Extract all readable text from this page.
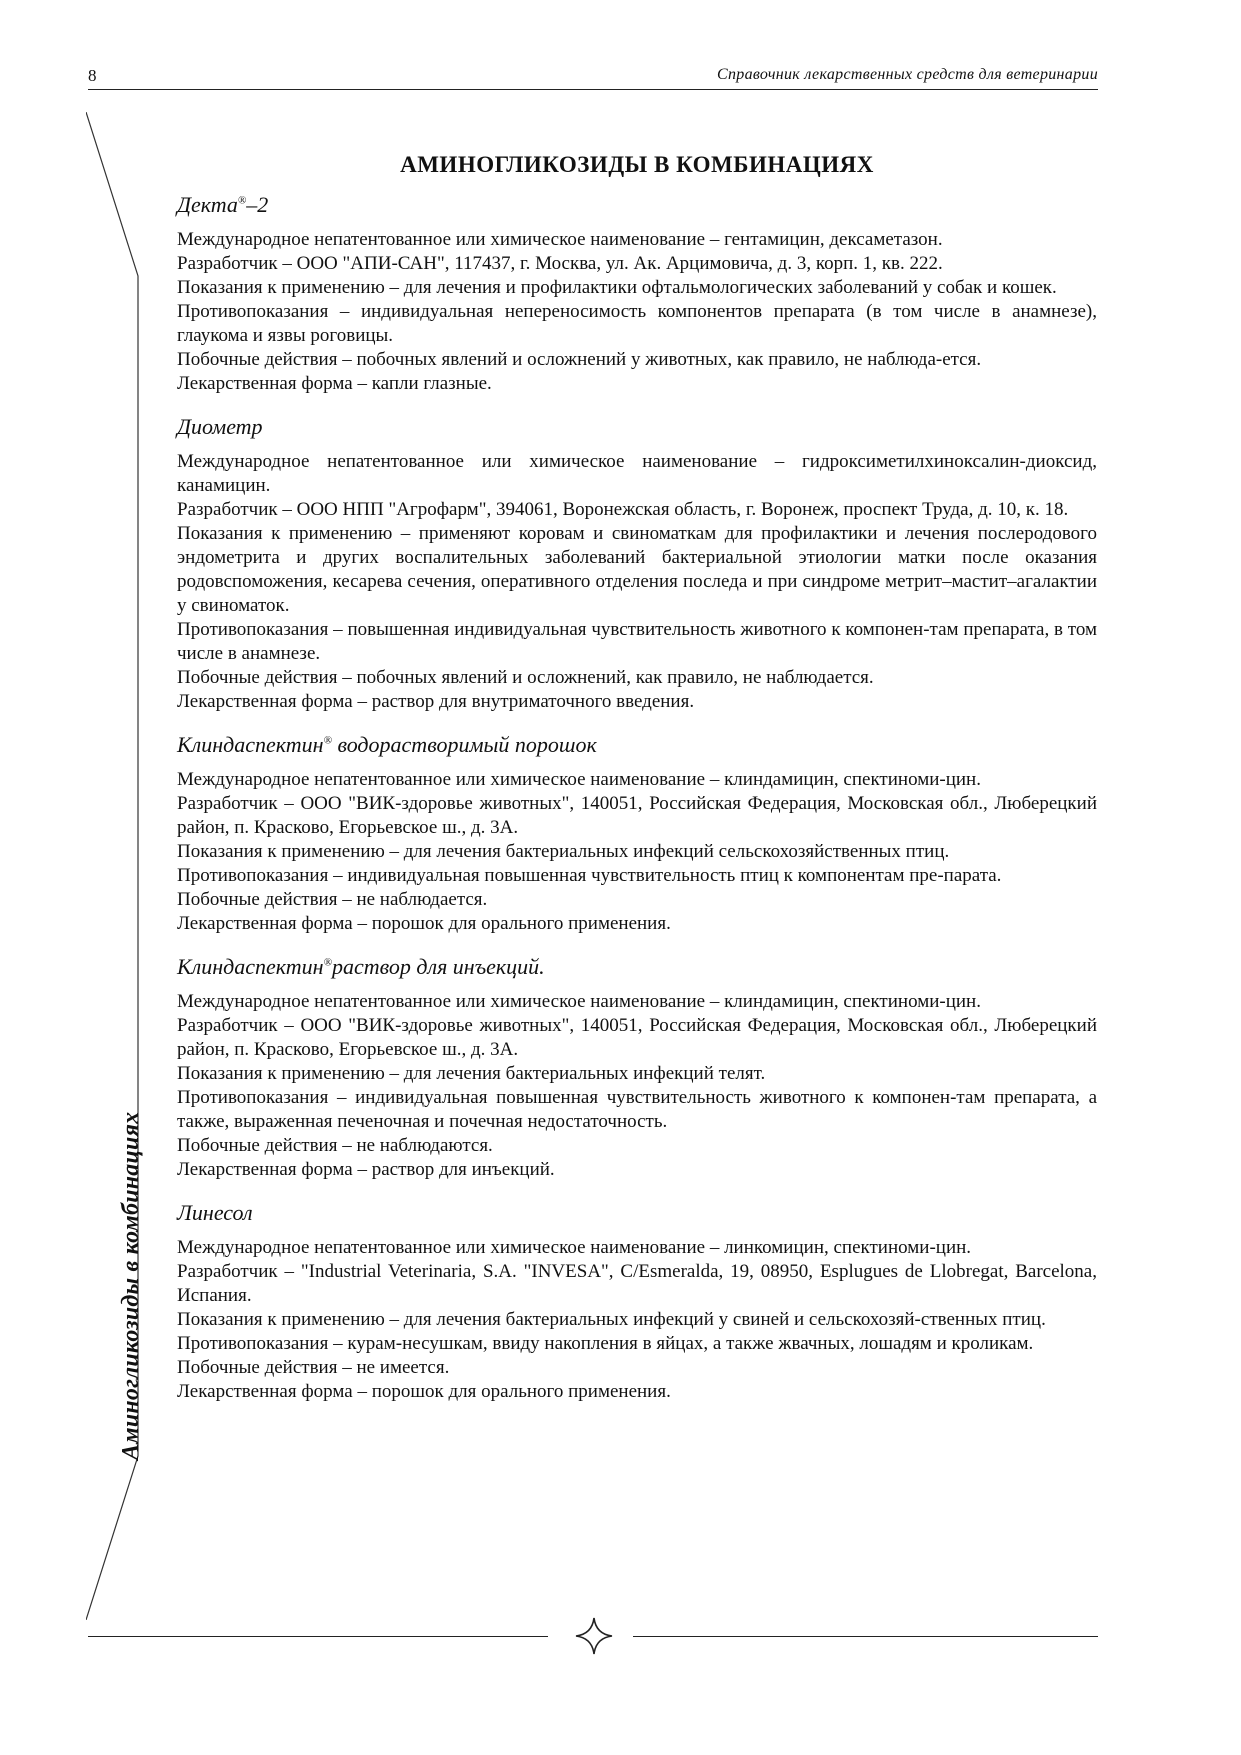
8	Справочник лекарственных средств для ветеринарии
Аминогликозиды в комбинациях
АМИНОГЛИКОЗИДЫ В КОМБИНАЦИЯХ
Декта®–2

Международное непатентованное или химическое наименование – гентамицин, дексаметазон.

Разработчик – ООО "АПИ-САН", 117437, г. Москва, ул. Ак. Арцимовича, д. 3, корп. 1, кв. 222.

Показания к применению – для лечения и профилактики офтальмологических заболеваний у собак и кошек.

Противопоказания – индивидуальная непереносимость компонентов препарата (в том числе в анамнезе), глаукома и язвы роговицы.

Побочные действия – побочных явлений и осложнений у животных, как правило, не наблюда-ется.

Лекарственная форма – капли глазные.

Диометр

Международное непатентованное или химическое наименование – гидроксиметилхиноксалин-диоксид, канамицин.

Разработчик – ООО НПП "Агрофарм", 394061, Воронежская область, г. Воронеж, проспект Труда, д. 10, к. 18.

Показания к применению – применяют коровам и свиноматкам для профилактики и лечения послеродового эндометрита и других воспалительных заболеваний бактериальной этиологии матки после оказания родовспоможения, кесарева сечения, оперативного отделения последа и при синдроме метрит–мастит–агалактии у свиноматок.

Противопоказания – повышенная индивидуальная чувствительность животного к компонен-там препарата, в том числе в анамнезе.

Побочные действия – побочных явлений и осложнений, как правило, не наблюдается.

Лекарственная форма – раствор для внутриматочного введения.

Клиндаспектин® водорастворимый порошок

Международное непатентованное или химическое наименование – клиндамицин, спектиноми-цин.

Разработчик – ООО "ВИК-здоровье животных", 140051, Российская Федерация, Московская обл., Люберецкий район, п. Красково, Егорьевское ш., д. 3А.

Показания к применению – для лечения бактериальных инфекций сельскохозяйственных птиц.

Противопоказания – индивидуальная повышенная чувствительность птиц к компонентам пре-парата.

Побочные действия – не наблюдается.

Лекарственная форма – порошок для орального применения.

Клиндаспектин®раствор для инъекций.

Международное непатентованное или химическое наименование – клиндамицин, спектиноми-цин.

Разработчик – ООО "ВИК-здоровье животных", 140051, Российская Федерация, Московская обл., Люберецкий район, п. Красково, Егорьевское ш., д. 3А.

Показания к применению – для лечения бактериальных инфекций телят.

Противопоказания – индивидуальная повышенная чувствительность животного к компонен-там препарата, а также, выраженная печеночная и почечная недостаточность.

Побочные действия – не наблюдаются.

Лекарственная форма – раствор для инъекций.

Линесол

Международное непатентованное или химическое наименование – линкомицин, спектиноми-цин.

Разработчик – "Industrial Veterinaria, S.A. "INVESA", C/Esmeralda, 19, 08950, Esplugues de Llobregat, Barcelona, Испания.

Показания к применению – для лечения бактериальных инфекций у свиней и сельскохозяй-ственных птиц.

Противопоказания – курам-несушкам, ввиду накопления в яйцах, а также жвачных, лошадям и кроликам.

Побочные действия – не имеется.

Лекарственная форма – порошок для орального применения.
